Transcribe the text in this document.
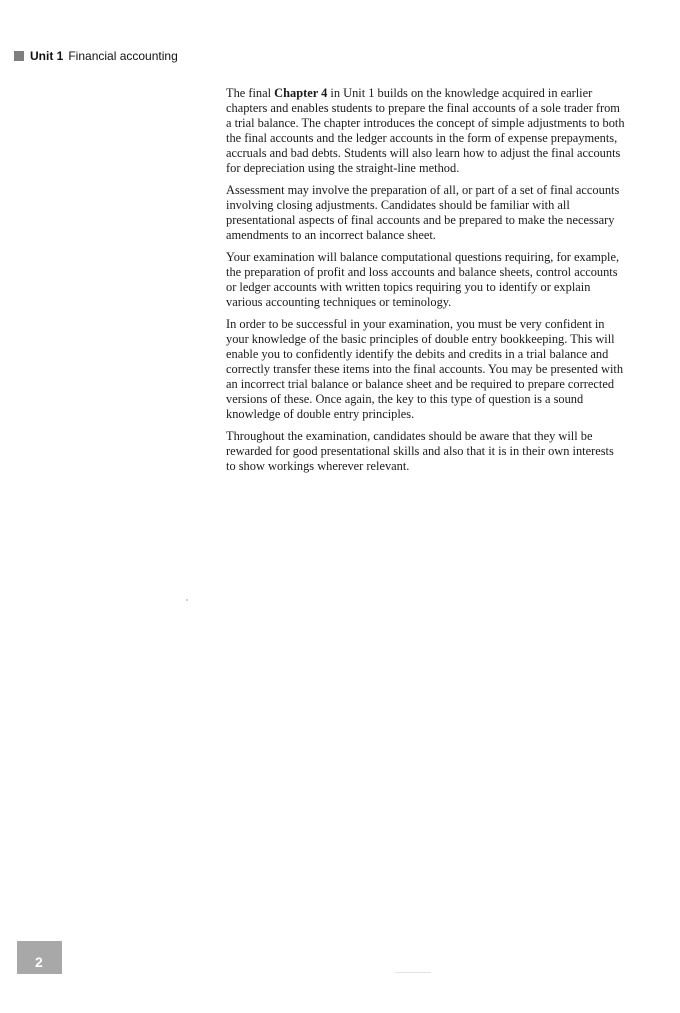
Unit 1 Financial accounting

The final Chapter 4 in Unit 1 builds on the knowledge acquired in earlier chapters and enables students to prepare the final accounts of a sole trader from a trial balance. The chapter introduces the concept of simple adjustments to both the final accounts and the ledger accounts in the form of expense prepayments, accruals and bad debts. Students will also learn how to adjust the final accounts for depreciation using the straight-line method.

Assessment may involve the preparation of all, or part of a set of final accounts involving closing adjustments. Candidates should be familiar with all presentational aspects of final accounts and be prepared to make the necessary amendments to an incorrect balance sheet.

Your examination will balance computational questions requiring, for example, the preparation of profit and loss accounts and balance sheets, control accounts or ledger accounts with written topics requiring you to identify or explain various accounting techniques or teminology.

In order to be successful in your examination, you must be very confident in your knowledge of the basic principles of double entry bookkeeping. This will enable you to confidently identify the debits and credits in a trial balance and correctly transfer these items into the final accounts. You may be presented with an incorrect trial balance or balance sheet and be required to prepare corrected versions of these. Once again, the key to this type of question is a sound knowledge of double entry principles.

Throughout the examination, candidates should be aware that they will be rewarded for good presentational skills and also that it is in their own interests to show workings wherever relevant.

2
